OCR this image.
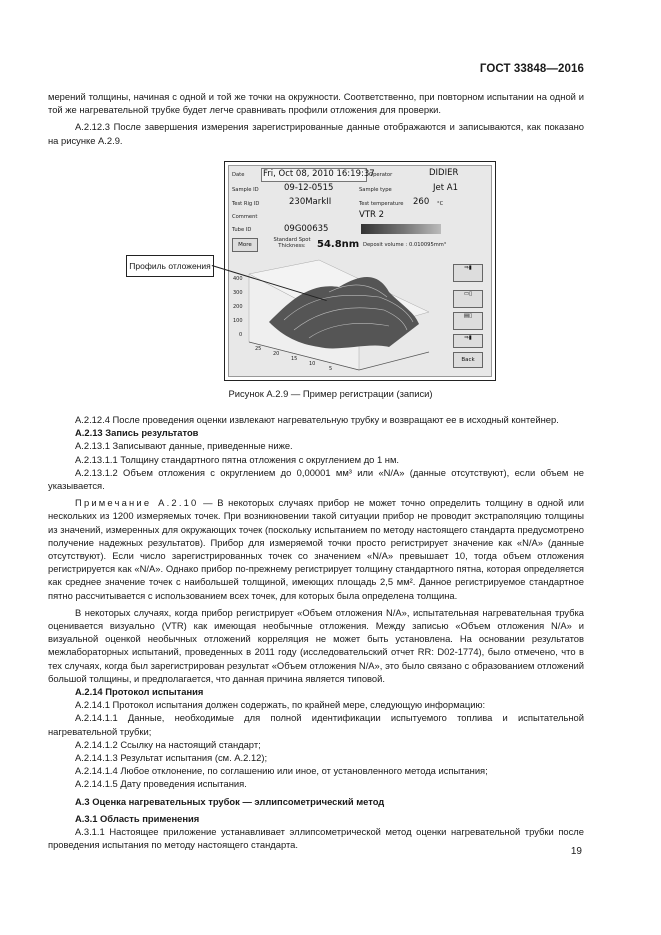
ГОСТ 33848—2016

мерений толщины, начиная с одной и той же точки на окружности. Соответственно, при повторном испытании на одной и той же нагревательной трубке будет легче сравнивать профили отложения для проверки.

A.2.12.3 После завершения измерения зарегистрированные данные отображаются и записываются, как показано на рисунке A.2.9.

Date Fri, Oct 08, 2010 16:19:37
Operator	DIDIER
Sample ID	09-12-0515	Sample type	Jet A1
Test Rig ID	230MarkII	Test temperature 260 °C
Comment	VTR 2
Tube ID	09G00635
More
Standard Spot Thickness:	54.8nm Deposit volume : 0.010095mm³
400
300
200
100
0
25
20
15
10
5
⇒▮
▭▯
▤▯
⇒▮
Back
Профиль отложения
Рисунок A.2.9 — Пример регистрации (записи)

A.2.12.4 После проведения оценки извлекают нагревательную трубку и возвращают ее в исходный контейнер.

A.2.13 Запись результатов

A.2.13.1 Записывают данные, приведенные ниже.

A.2.13.1.1 Толщину стандартного пятна отложения с округлением до 1 нм.

A.2.13.1.2 Объем отложения с округлением до 0,00001 мм³ или «N/A» (данные отсутствуют), если объем не указывается.

Примечание A.2.10 — В некоторых случаях прибор не может точно определить толщину в одной или нескольких из 1200 измеряемых точек. При возникновении такой ситуации прибор не проводит экстраполяцию толщины из значений, измеренных для окружающих точек (поскольку испытанием по методу настоящего стандарта предусмотрено получение надежных результатов). Прибор для измеряемой точки просто регистрирует значение как «N/A» (данные отсутствуют). Если число зарегистрированных точек со значением «N/A» превышает 10, тогда объем отложения регистрируется как «N/A». Однако прибор по-прежнему регистрирует толщину стандартного пятна, которая определяется как среднее значение точек с наибольшей толщиной, имеющих площадь 2,5 мм². Данное регистрируемое стандартное пятно рассчитывается с использованием всех точек, для которых была определена толщина.

В некоторых случаях, когда прибор регистрирует «Объем отложения N/A», испытательная нагревательная трубка оценивается визуально (VTR) как имеющая необычные отложения. Между записью «Объем отложения N/A» и визуальной оценкой необычных отложений корреляция не может быть установлена. На основании результатов межлабораторных испытаний, проведенных в 2011 году (исследовательский отчет RR: D02-1774), было отмечено, что в тех случаях, когда был зарегистрирован результат «Объем отложения N/A», это было связано с образованием отложений большой толщины, и предполагается, что данная причина является типовой.

A.2.14 Протокол испытания

A.2.14.1 Протокол испытания должен содержать, по крайней мере, следующую информацию:

A.2.14.1.1 Данные, необходимые для полной идентификации испытуемого топлива и испытательной нагревательной трубки;

A.2.14.1.2 Ссылку на настоящий стандарт;

A.2.14.1.3 Результат испытания (см. A.2.12);

A.2.14.1.4 Любое отклонение, по соглашению или иное, от установленного метода испытания;

A.2.14.1.5 Дату проведения испытания.

A.3 Оценка нагревательных трубок — эллипсометрический метод

A.3.1 Область применения

A.3.1.1 Настоящее приложение устанавливает эллипсометрической метод оценки нагревательной трубки после проведения испытания по методу настоящего стандарта.

19
